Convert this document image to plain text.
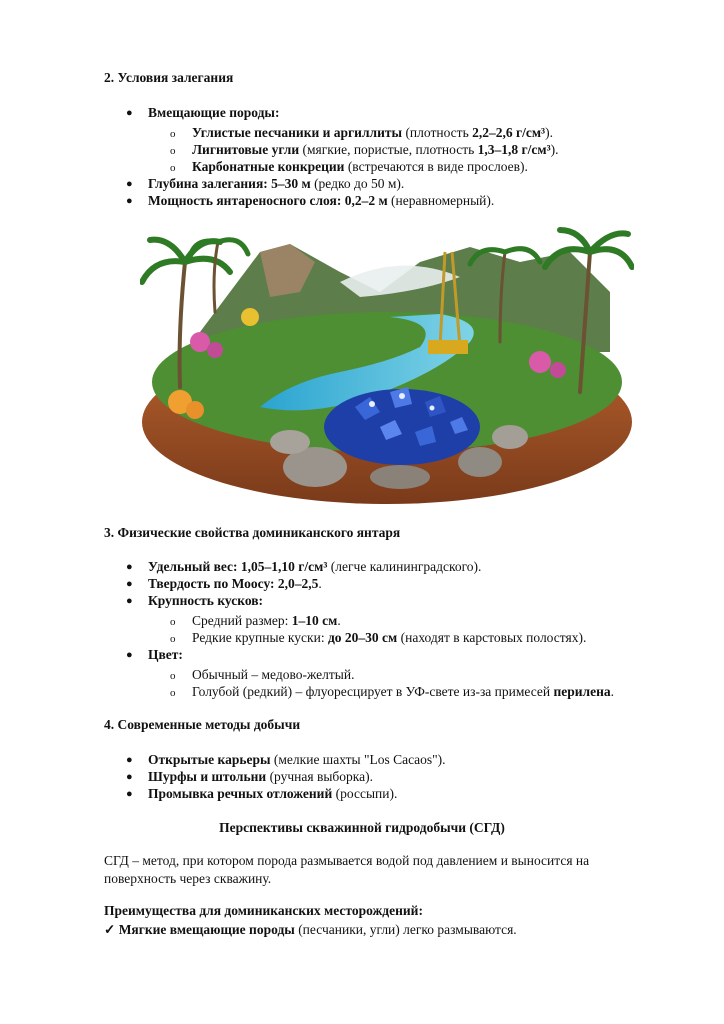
2. Условия залегания
● Вмещающие породы:
o Углистые песчаники и аргиллиты (плотность 2,2–2,6 г/см³).
o Лигнитовые угли (мягкие, пористые, плотность 1,3–1,8 г/см³).
o Карбонатные конкреции (встречаются в виде прослоев).
● Глубина залегания: 5–30 м (редко до 50 м).
● Мощность янтареносного слоя: 0,2–2 м (неравномерный).
3. Физические свойства доминиканского янтаря
● Удельный вес: 1,05–1,10 г/см³ (легче калининградского).
● Твердость по Моосу: 2,0–2,5.
● Крупность кусков:
o Средний размер: 1–10 см.
o Редкие крупные куски: до 20–30 см (находят в карстовых полостях).
● Цвет:
o Обычный – медово-желтый.
o Голубой (редкий) – флуоресцирует в УФ-свете из-за примесей перилена.
4. Современные методы добычи
● Открытые карьеры (мелкие шахты "Los Cacaos").
● Шурфы и штольни (ручная выборка).
● Промывка речных отложений (россыпи).
Перспективы скважинной гидродобычи (СГД)
СГД – метод, при котором порода размывается водой под давлением и выносится на поверхность через скважину.
Преимущества для доминиканских месторождений:
✓ Мягкие вмещающие породы (песчаники, угли) легко размываются.
